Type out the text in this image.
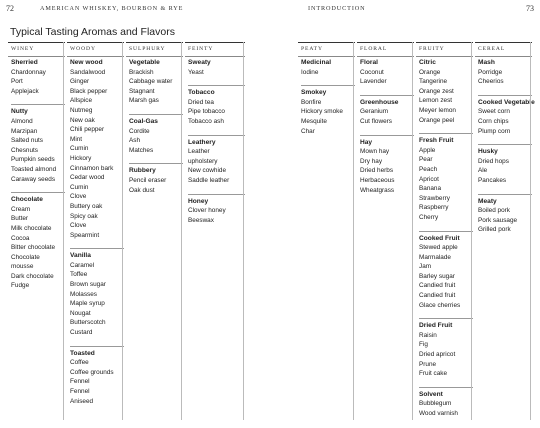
72	AMERICAN WHISKEY, BOURBON & RYE
Typical Tasting Aromas and Flavors
WINEY
Sherried
Chardonnay
Port
Applejack
Nutty
Almond
Marzipan
Salted nuts
Chesnuts
Pumpkin seeds
Toasted almond
Caraway seeds
Chocolate
Cream
Butter
Milk chocolate
Cocoa
Bitter chocolate
Chocolate
mousse
Dark chocolate
Fudge
WOODY
New wood
Sandalwood
Ginger
Black pepper
Allspice
Nutmeg
New oak
Chili pepper
Mint
Cumin
Hickory
Cinnamon bark
Cedar wood
Cumin
Clove
Buttery oak
Spicy oak
Clove
Spearmint
Vanilla
Caramel
Toffee
Brown sugar
Molasses
Maple syrup
Nougat
Butterscotch
Custard
Toasted
Coffee
Coffee grounds
Fennel
Fennel
Aniseed
SULPHURY
Vegetable
Brackish
Cabbage water
Stagnant
Marsh gas
Coal-Gas
Cordite
Ash
Matches
Rubbery
Pencil eraser
Oak dust
FEINTY
Sweaty
Yeast
Tobacco
Dried tea
Pipe tobacco
Tobacco ash
Leathery
Leather
upholstery
New cowhide
Saddle leather
Honey
Clover honey
Beeswax
INTRODUCTION	73
PEATY
Medicinal
Iodine
Smokey
Bonfire
Hickory smoke
Mesquite
Char
FLORAL
Floral
Coconut
Lavender
Greenhouse
Geranium
Cut flowers
Hay
Mown hay
Dry hay
Dried herbs
Herbaceous
Wheatgrass
FRUITY
Citric
Orange
Tangerine
Orange zest
Lemon zest
Meyer lemon
Orange peel
Fresh Fruit
Apple
Pear
Peach
Apricot
Banana
Strawberry
Raspberry
Cherry
Cooked Fruit
Stewed apple
Marmalade
Jam
Barley sugar
Candied fruit
Candied fruit
Glace cherries
Dried Fruit
Raisin
Fig
Dried apricot
Prune
Fruit cake
Solvent
Bubblegum
Wood varnish
CEREAL
Mash
Porridge
Cheerios
Cooked Vegetable
Sweet corn
Corn chips
Plump corn
Husky
Dried hops
Ale
Pancakes
Meaty
Boiled pork
Pork sausage
Grilled pork
